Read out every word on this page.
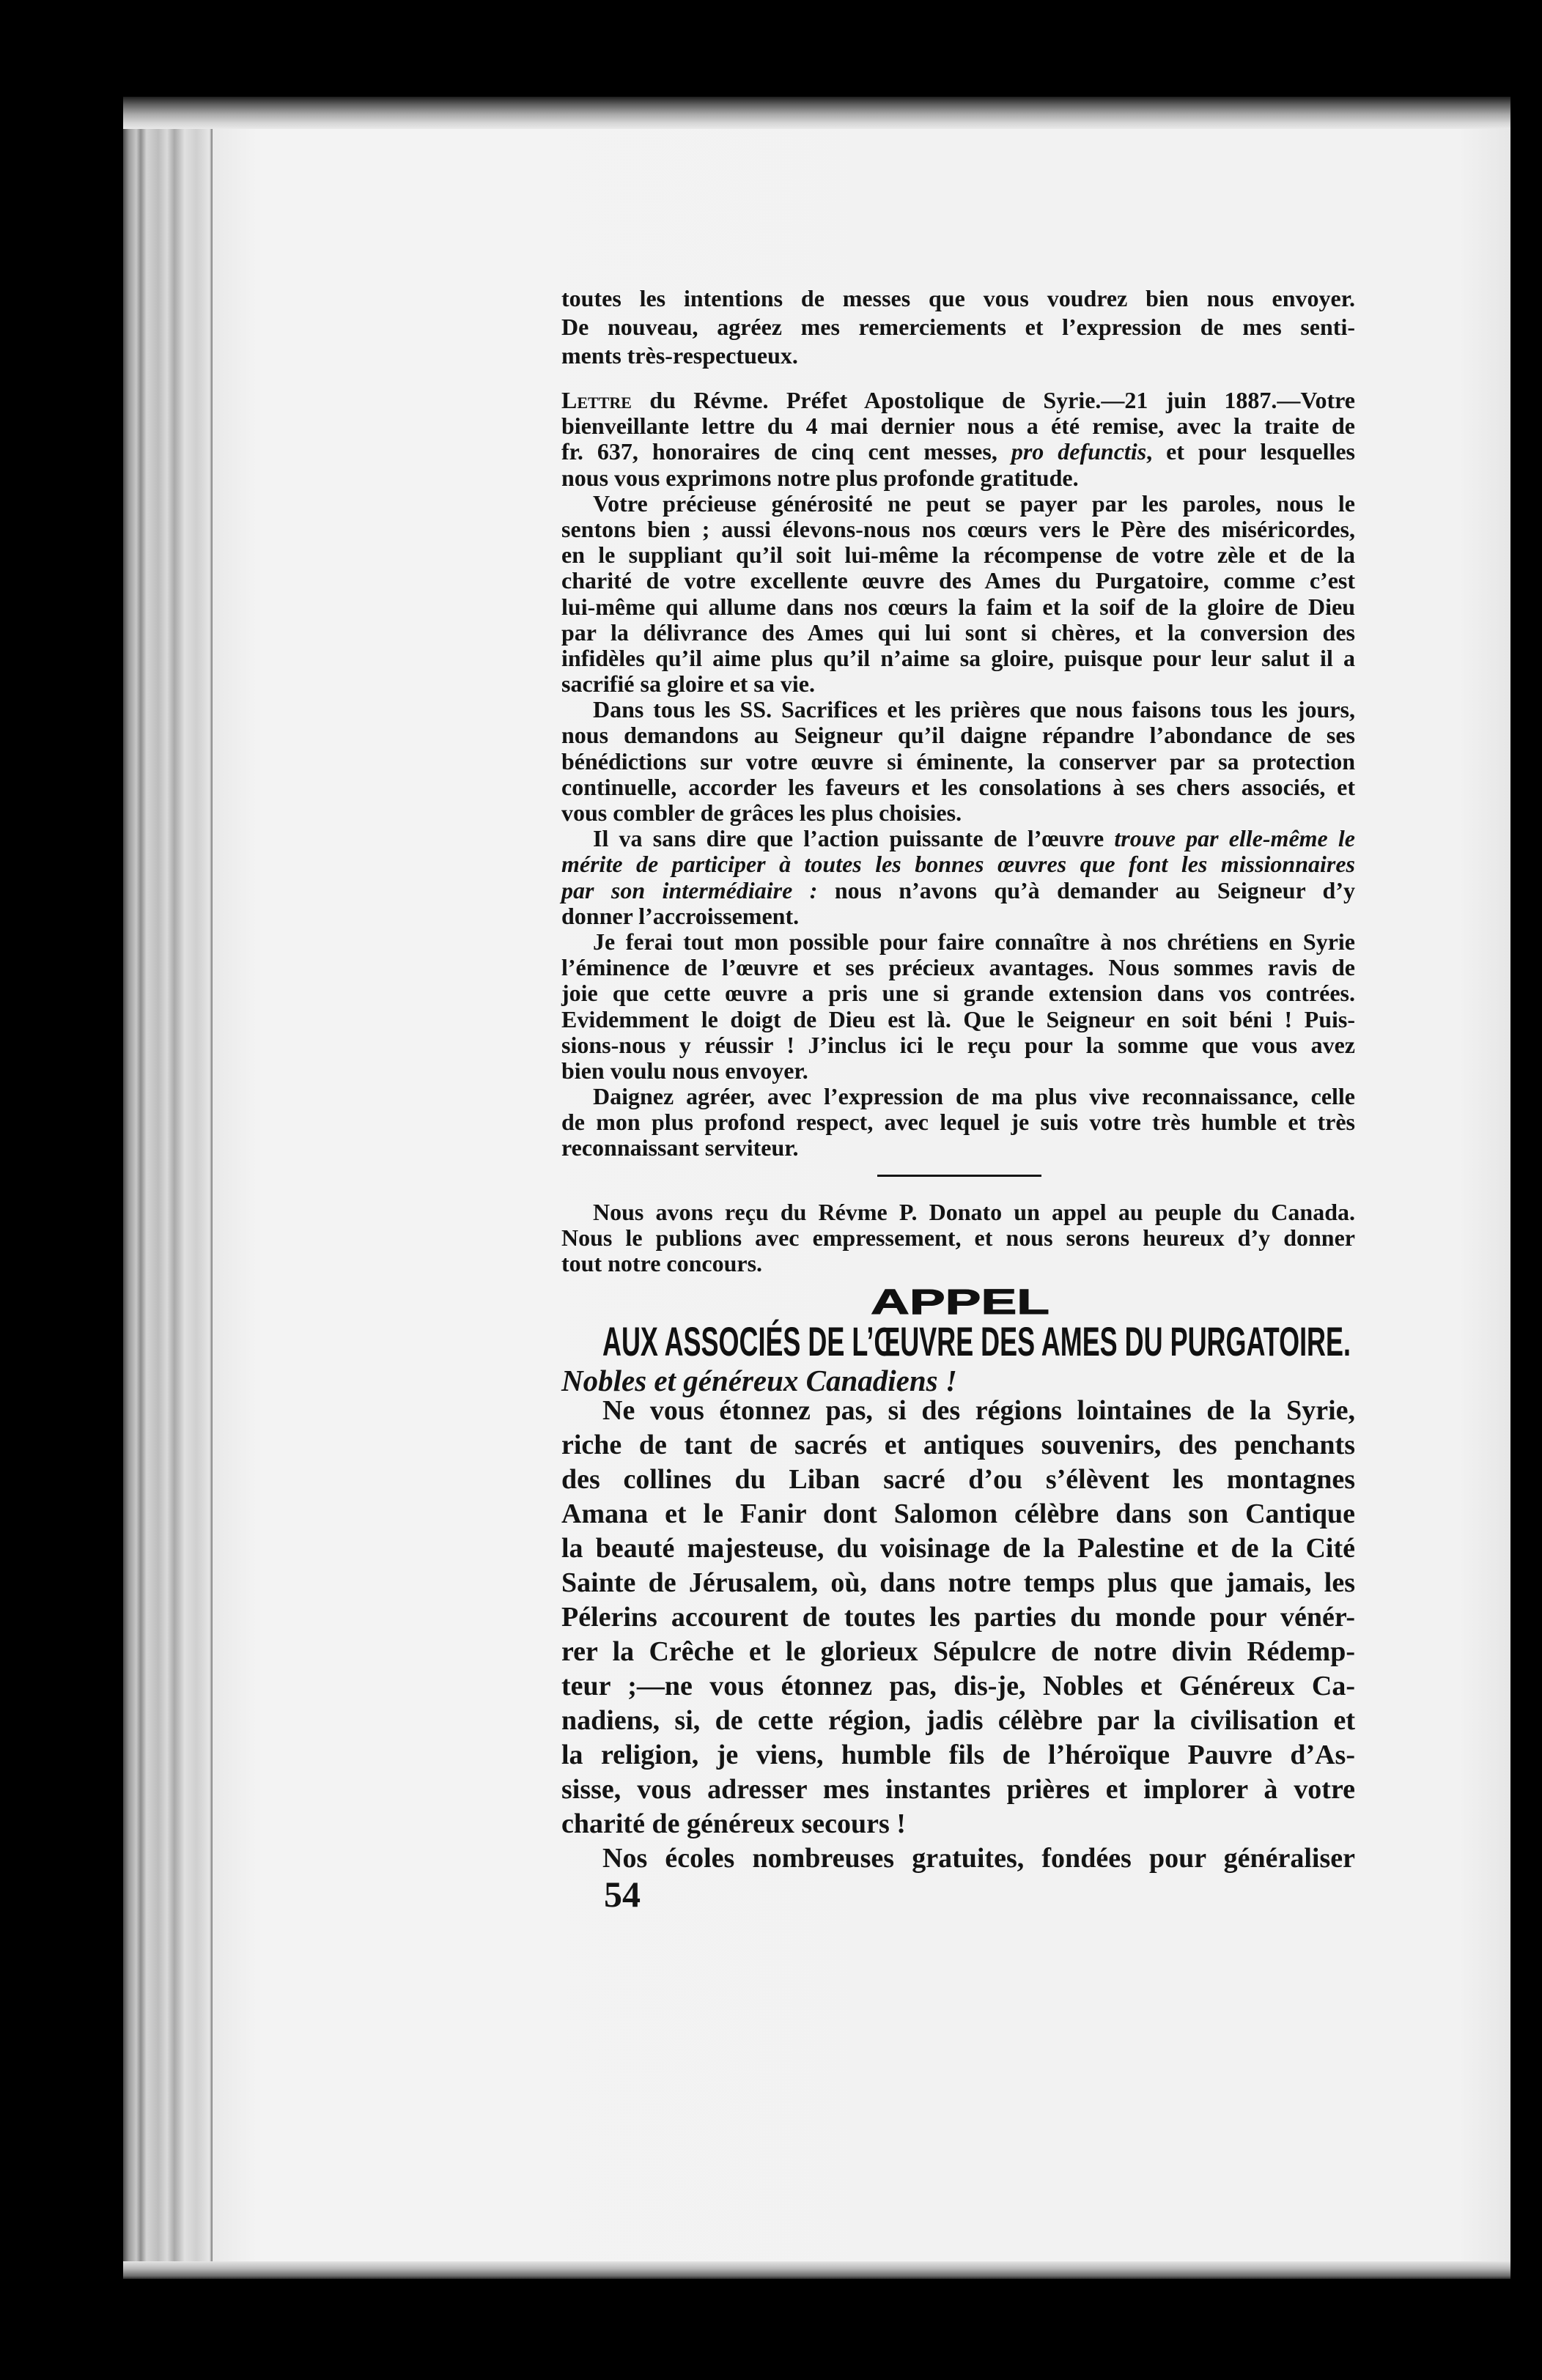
toutes les intentions de messes que vous voudrez bien nous envoyer.
De nouveau, agréez mes remerciements et l’expression de mes senti-
ments très-respectueux.
Lettre du Révme. Préfet Apostolique de Syrie.—21 juin 1887.—Votre
bienveillante lettre du 4 mai dernier nous a été remise, avec la traite de
fr. 637, honoraires de cinq cent messes, pro defunctis, et pour lesquelles
nous vous exprimons notre plus profonde gratitude.
Votre précieuse générosité ne peut se payer par les paroles, nous le
sentons bien ; aussi élevons-nous nos cœurs vers le Père des miséricordes,
en le suppliant qu’il soit lui-même la récompense de votre zèle et de la
charité de votre excellente œuvre des Ames du Purgatoire, comme c’est
lui-même qui allume dans nos cœurs la faim et la soif de la gloire de Dieu
par la délivrance des Ames qui lui sont si chères, et la conversion des
infidèles qu’il aime plus qu’il n’aime sa gloire, puisque pour leur salut il a
sacrifié sa gloire et sa vie.
Dans tous les SS. Sacrifices et les prières que nous faisons tous les jours,
nous demandons au Seigneur qu’il daigne répandre l’abondance de ses
bénédictions sur votre œuvre si éminente, la conserver par sa protection
continuelle, accorder les faveurs et les consolations à ses chers associés, et
vous combler de grâces les plus choisies.
Il va sans dire que l’action puissante de l’œuvre trouve par elle-même le
mérite de participer à toutes les bonnes œuvres que font les missionnaires
par son intermédiaire : nous n’avons qu’à demander au Seigneur d’y
donner l’accroissement.
Je ferai tout mon possible pour faire connaître à nos chrétiens en Syrie
l’éminence de l’œuvre et ses précieux avantages. Nous sommes ravis de
joie que cette œuvre a pris une si grande extension dans vos contrées.
Evidemment le doigt de Dieu est là. Que le Seigneur en soit béni ! Puis-
sions-nous y réussir ! J’inclus ici le reçu pour la somme que vous avez
bien voulu nous envoyer.
Daignez agréer, avec l’expression de ma plus vive reconnaissance, celle
de mon plus profond respect, avec lequel je suis votre très humble et très
reconnaissant serviteur.
Nous avons reçu du Révme P. Donato un appel au peuple du Canada.
Nous le publions avec empressement, et nous serons heureux d’y donner
tout notre concours.
APPEL
AUX ASSOCIÉS DE L’ŒUVRE DES AMES DU PURGATOIRE.
Nobles et généreux Canadiens !
Ne vous étonnez pas, si des régions lointaines de la Syrie,
riche de tant de sacrés et antiques souvenirs, des penchants
des collines du Liban sacré d’ou s’élèvent les montagnes
Amana et le Fanir dont Salomon célèbre dans son Cantique
la beauté majesteuse, du voisinage de la Palestine et de la Cité
Sainte de Jérusalem, où, dans notre temps plus que jamais, les
Pélerins accourent de toutes les parties du monde pour vénér-
rer la Crêche et le glorieux Sépulcre de notre divin Rédemp-
teur ;—ne vous étonnez pas, dis-je, Nobles et Généreux Ca-
nadiens, si, de cette région, jadis célèbre par la civilisation et
la religion, je viens, humble fils de l’héroïque Pauvre d’As-
sisse, vous adresser mes instantes prières et implorer à votre
charité de généreux secours !
Nos écoles nombreuses gratuites, fondées pour généraliser
54
